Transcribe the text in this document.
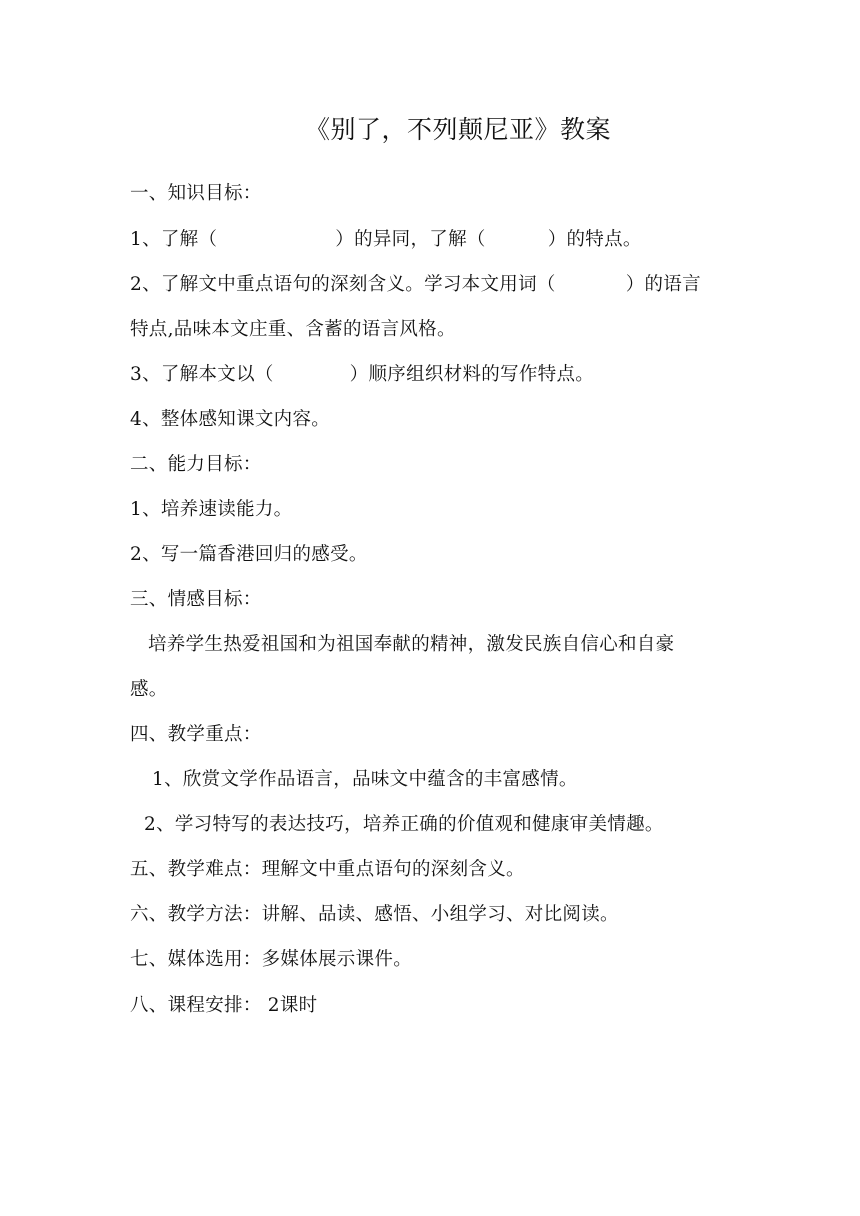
《别了，不列颠尼亚》教案
一、知识目标：
1、了解（	）的异同，了解（	）的特点。
2、了解文中重点语句的深刻含义。学习本文用词（	）的语言
特点,品味本文庄重、含蓄的语言风格。
3、了解本文以（	）顺序组织材料的写作特点。
4、整体感知课文内容。
二、能力目标：
1、培养速读能力。
2、写一篇香港回归的感受。
三、情感目标：
培养学生热爱祖国和为祖国奉献的精神，激发民族自信心和自豪
感。
四、教学重点：
1、欣赏文学作品语言，品味文中蕴含的丰富感情。
2、学习特写的表达技巧，培养正确的价值观和健康审美情趣。
五、教学难点：理解文中重点语句的深刻含义。
六、教学方法：讲解、品读、感悟、小组学习、对比阅读。
七、媒体选用：多媒体展示课件。
八、课程安排： 2课时
